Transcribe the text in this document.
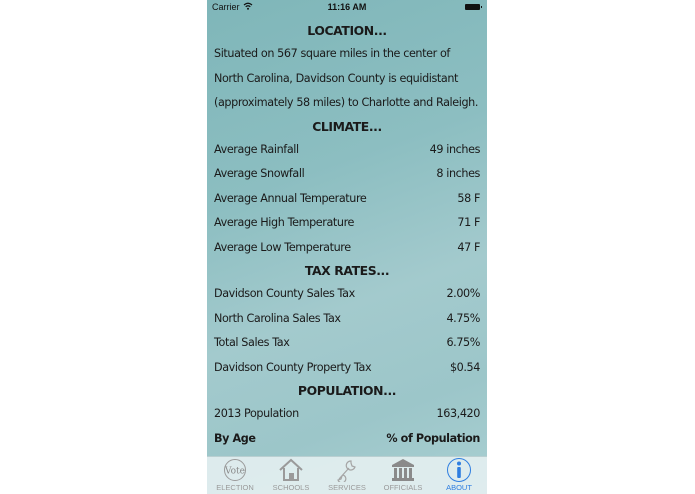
Carrier	11:16 AM
LOCATION...
Situated on 567 square miles in the center of North Carolina, Davidson County is equidistant (approximately 58 miles) to Charlotte and Raleigh.
CLIMATE...
Average Rainfall	49 inches
Average Snowfall	8 inches
Average Annual Temperature	58 F
Average High Temperature	71 F
Average Low Temperature	47 F
TAX RATES...
Davidson County Sales Tax	2.00%
North Carolina Sales Tax	4.75%
Total Sales Tax	6.75%
Davidson County Property Tax	$0.54
POPULATION...
2013 Population	163,420
By Age	% of Population
Vote
ELECTION	SCHOOLS	SERVICES OFFICIALS	ABOUT
